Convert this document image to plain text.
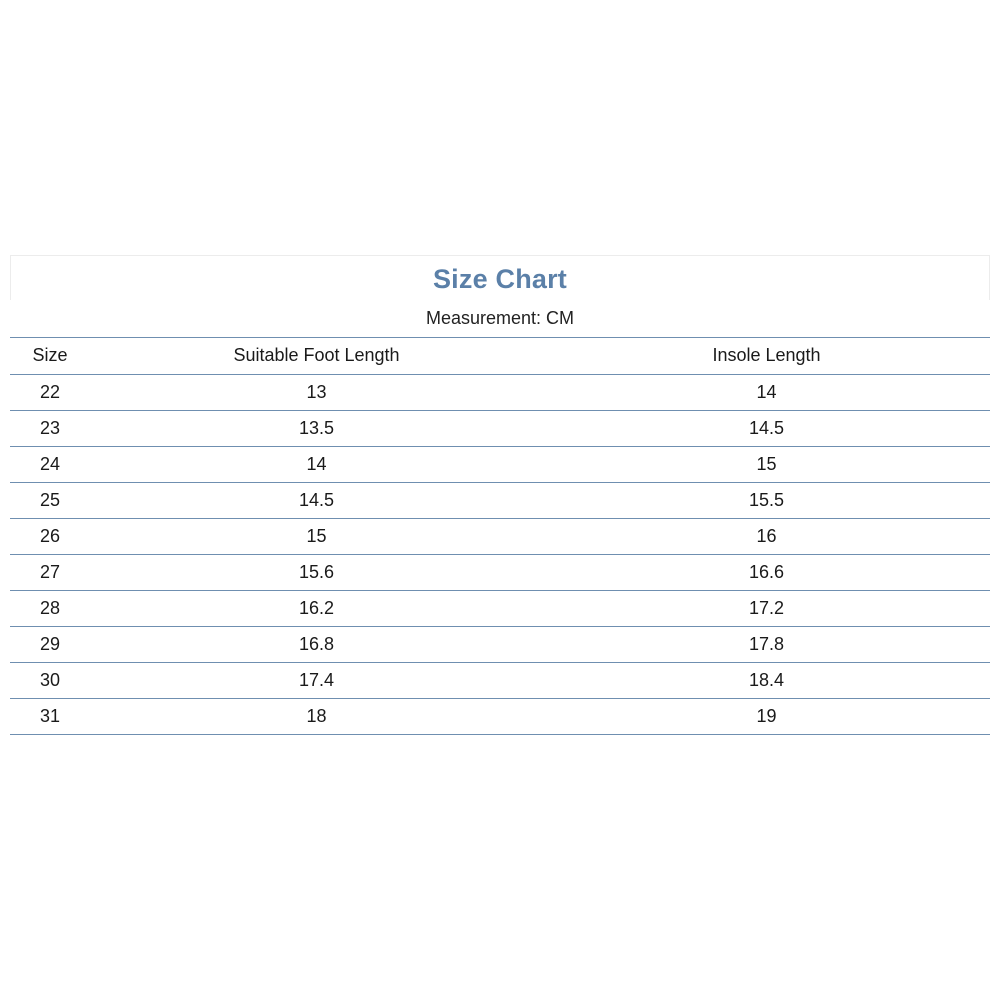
Size Chart
Measurement: CM
Size	Suitable Foot Length	Insole Length
22	13	14
23	13.5	14.5
24	14	15
25	14.5	15.5
26	15	16
27	15.6	16.6
28	16.2	17.2
29	16.8	17.8
30	17.4	18.4
31	18	19
